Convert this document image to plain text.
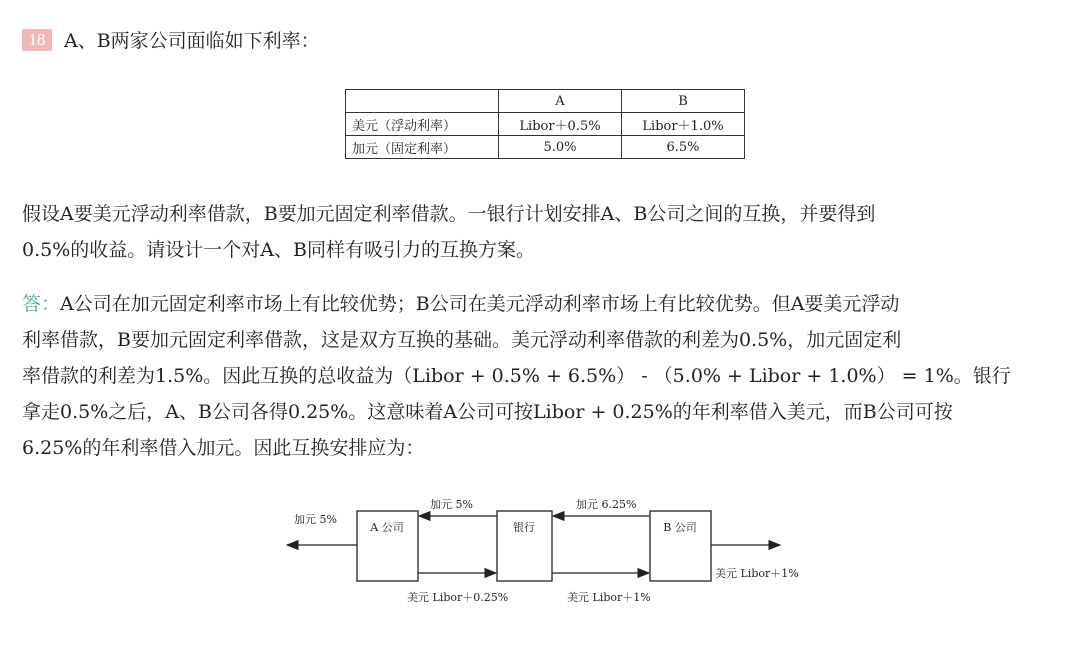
18 A、B两家公司面临如下利率：
	A	B
美元（浮动利率）	Libor＋0.5%	Libor＋1.0%
加元（固定利率）	5.0%	6.5%
假设A要美元浮动利率借款，B要加元固定利率借款。一银行计划安排A、B公司之间的互换，并要得到
0.5%的收益。请设计一个对A、B同样有吸引力的互换方案。
答：A公司在加元固定利率市场上有比较优势；B公司在美元浮动利率市场上有比较优势。但A要美元浮动
利率借款，B要加元固定利率借款，这是双方互换的基础。美元浮动利率借款的利差为0.5%，加元固定利
率借款的利差为1.5%。因此互换的总收益为（Libor + 0.5% + 6.5%） - （5.0% + Libor + 1.0%） = 1%。银行
拿走0.5%之后，A、B公司各得0.25%。这意味着A公司可按Libor + 0.25%的年利率借入美元，而B公司可按
6.25%的年利率借入加元。因此互换安排应为：
A 公司	银行	B 公司
加元 5%
加元 5%	加元 6.25%
美元 Libor＋0.25%	美元 Libor＋1%
美元 Libor＋1%
